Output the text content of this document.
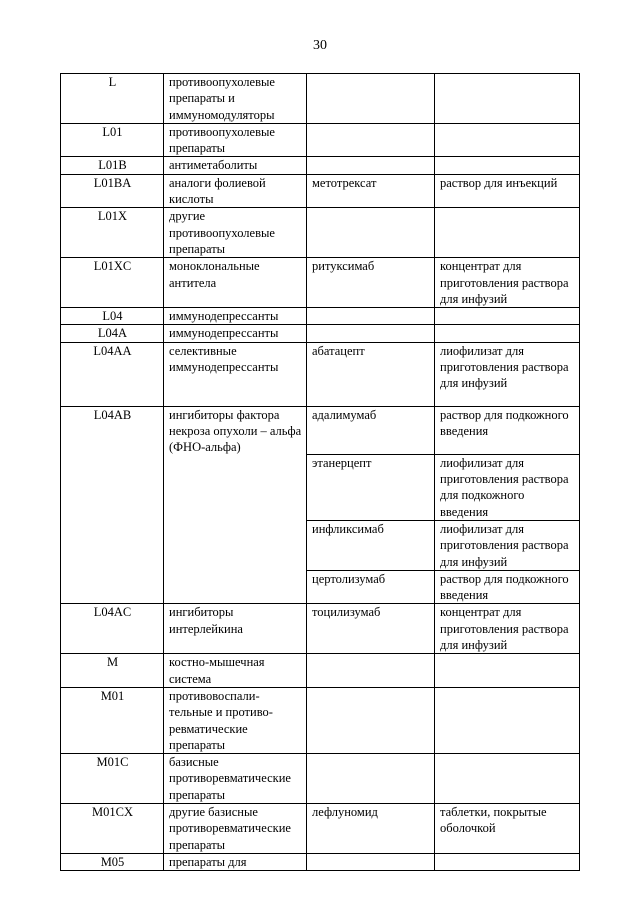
30
L	противоопухолевые препараты и иммуномодуляторы		

L01	противоопухолевые препараты		

L01B	антиметаболиты		

L01BA	аналоги фолиевой кислоты	метотрексат	раствор для инъекций

L01X	другие противоопухолевые препараты		

L01XC	моноклональные антитела	ритуксимаб	концентрат для приготовления раствора для инфузий

L04	иммунодепрессанты		

L04A	иммунодепрессанты		

L04AA	селективные иммунодепрессанты	абатацепт	лиофилизат для приготовления раствора для инфузий

L04AB	ингибиторы фактора некроза опухоли – альфа (ФНО-альфа)	адалимумаб	раствор для подкожного введения

		этанерцепт	лиофилизат для приготовления раствора для подкожного введения

		инфликсимаб	лиофилизат для приготовления раствора для инфузий

		цертолизумаб	раствор для подкожного введения

L04AC	ингибиторы интерлейкина	тоцилизумаб	концентрат для приготовления раствора для инфузий

M	костно-мышечная система		

M01	противовоспали-тельные и противо-ревматические препараты		

M01C	базисные противоревматические препараты		

M01CX	другие базисные противоревматические препараты	лефлуномид	таблетки, покрытые оболочкой

M05	препараты для		
